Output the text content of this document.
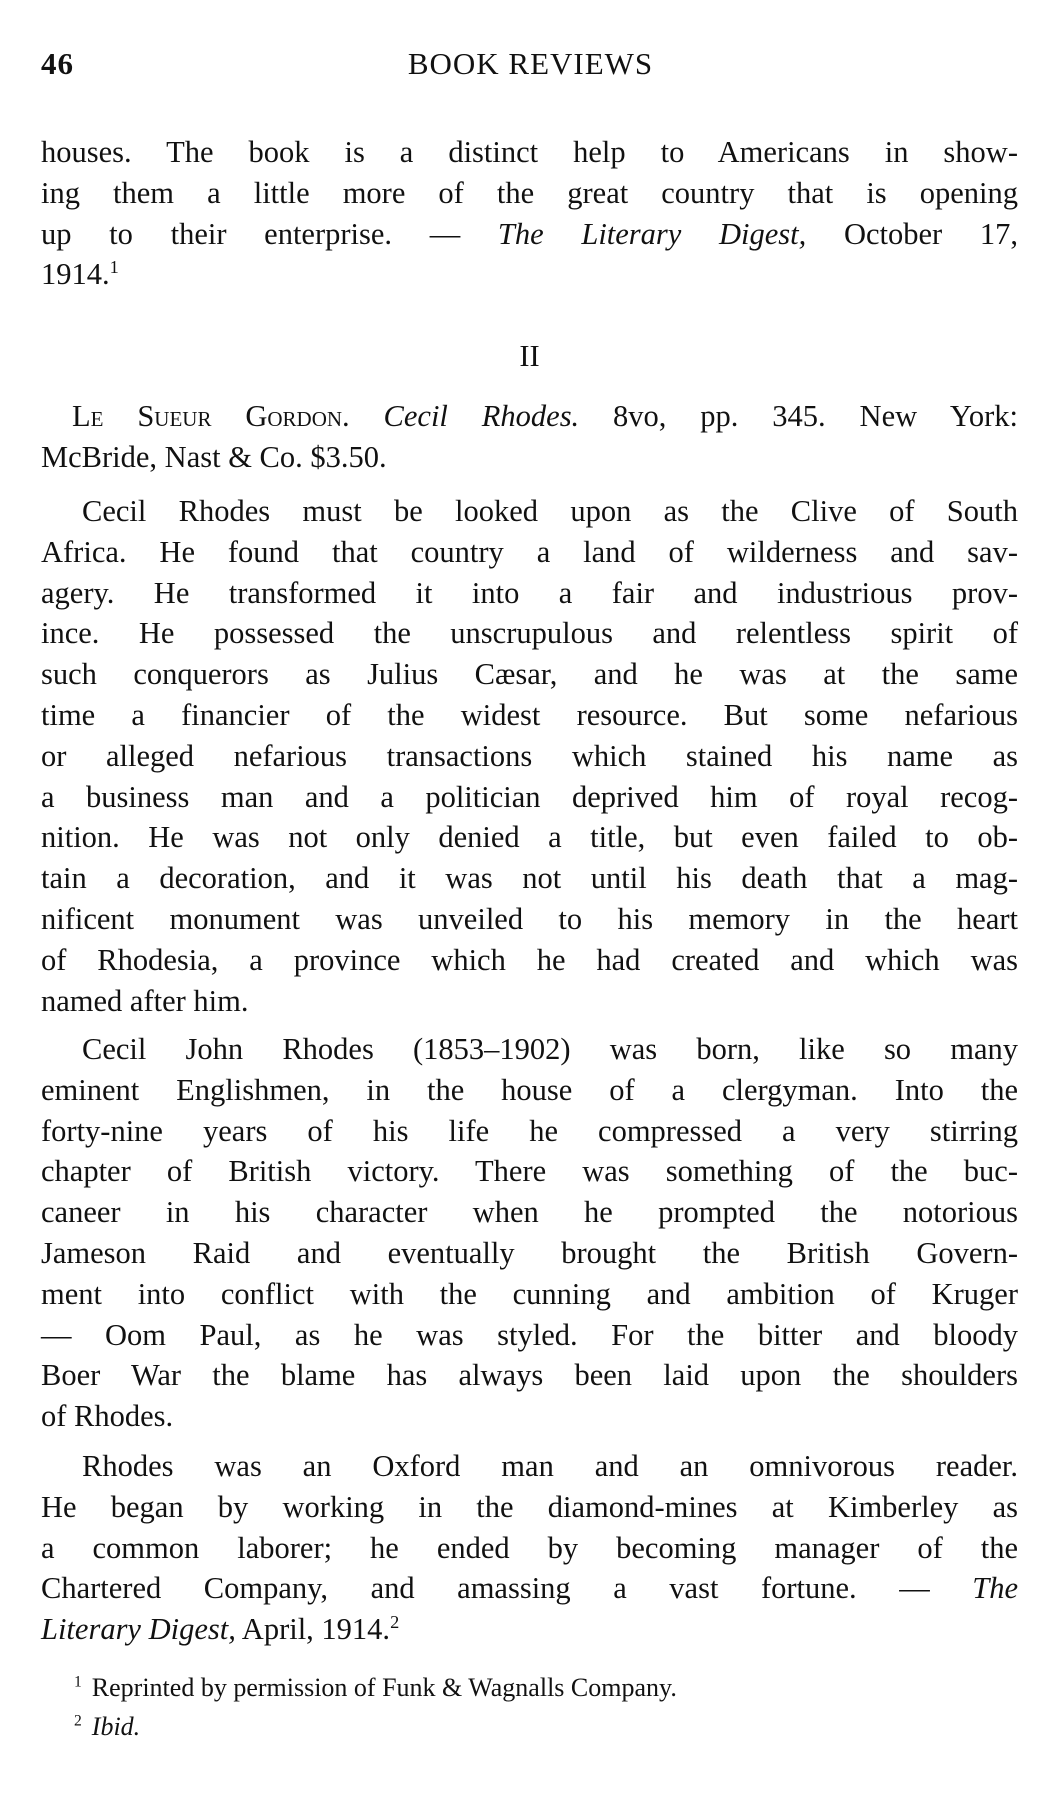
46	BOOK REVIEWS
houses. The book is a distinct help to Americans in show-
ing them a little more of the great country that is opening
up to their enterprise. — The Literary Digest, October 17,
1914.$^1$
II
Le Sueur Gordon. Cecil Rhodes. 8vo, pp. 345. New York:
McBride, Nast & Co. $3.50.
Cecil Rhodes must be looked upon as the Clive of South
Africa. He found that country a land of wilderness and sav-
agery. He transformed it into a fair and industrious prov-
ince. He possessed the unscrupulous and relentless spirit of
such conquerors as Julius Cæsar, and he was at the same
time a financier of the widest resource. But some nefarious
or alleged nefarious transactions which stained his name as
a business man and a politician deprived him of royal recog-
nition. He was not only denied a title, but even failed to ob-
tain a decoration, and it was not until his death that a mag-
nificent monument was unveiled to his memory in the heart
of Rhodesia, a province which he had created and which was
named after him.
Cecil John Rhodes (1853–1902) was born, like so many
eminent Englishmen, in the house of a clergyman. Into the
forty-nine years of his life he compressed a very stirring
chapter of British victory. There was something of the buc-
caneer in his character when he prompted the notorious
Jameson Raid and eventually brought the British Govern-
ment into conflict with the cunning and ambition of Kruger
— Oom Paul, as he was styled. For the bitter and bloody
Boer War the blame has always been laid upon the shoulders
of Rhodes.
Rhodes was an Oxford man and an omnivorous reader.
He began by working in the diamond-mines at Kimberley as
a common laborer; he ended by becoming manager of the
Chartered Company, and amassing a vast fortune. — The
Literary Digest, April, 1914.$^2$
$^1$ Reprinted by permission of Funk & Wagnalls Company.
$^2$ Ibid.
